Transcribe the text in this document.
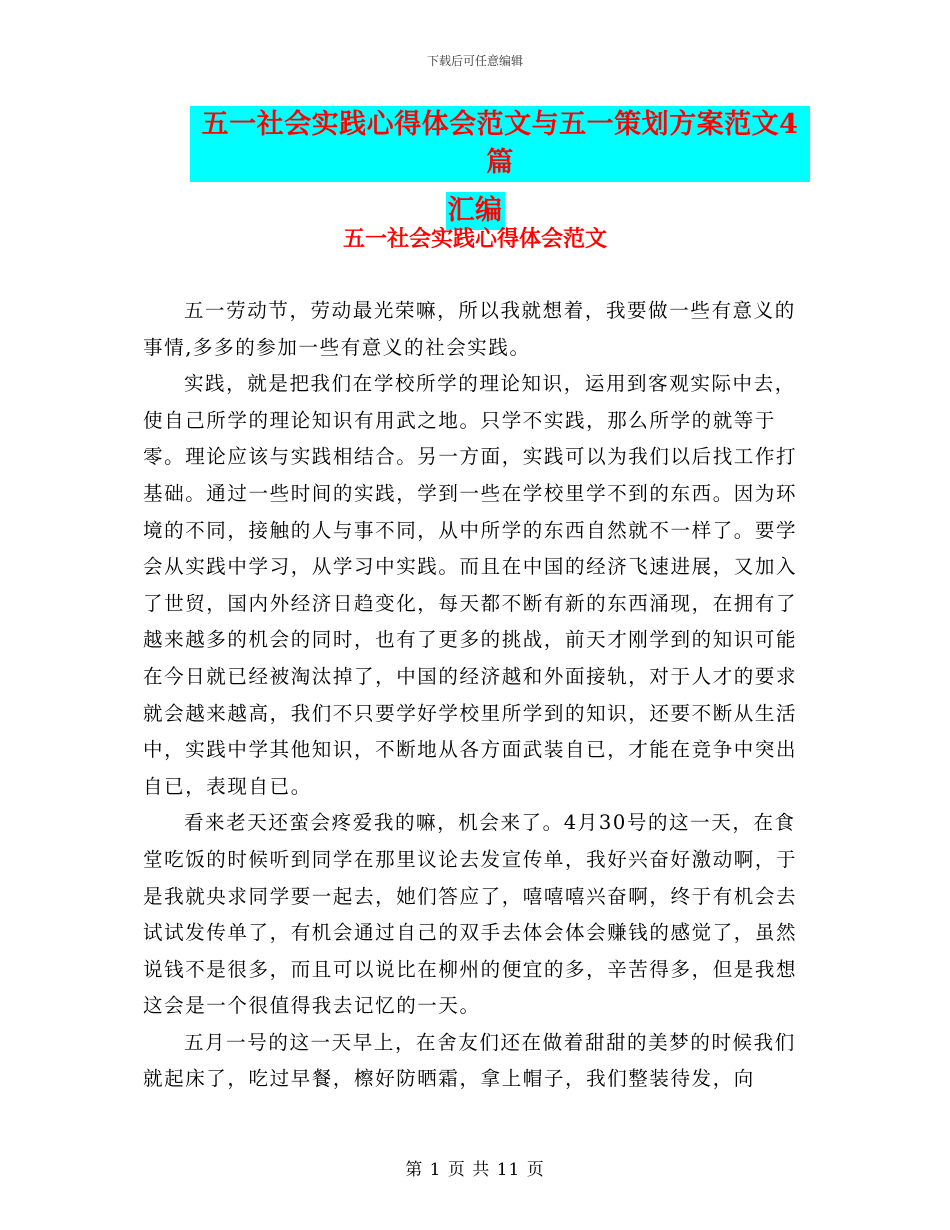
下载后可任意编辑
五一社会实践心得体会范文与五一策划方案范文4篇
汇编
五一社会实践心得体会范文

五一劳动节，劳动最光荣嘛，所以我就想着，我要做一些有意义的事情,多多的参加一些有意义的社会实践。

实践，就是把我们在学校所学的理论知识，运用到客观实际中去，使自己所学的理论知识有用武之地。只学不实践，那么所学的就等于零。理论应该与实践相结合。另一方面，实践可以为我们以后找工作打基础。通过一些时间的实践，学到一些在学校里学不到的东西。因为环境的不同，接触的人与事不同，从中所学的东西自然就不一样了。要学会从实践中学习，从学习中实践。而且在中国的经济飞速进展，又加入了世贸，国内外经济日趋变化，每天都不断有新的东西涌现，在拥有了越来越多的机会的同时，也有了更多的挑战，前天才刚学到的知识可能在今日就已经被淘汰掉了，中国的经济越和外面接轨，对于人才的要求就会越来越高，我们不只要学好学校里所学到的知识，还要不断从生活中，实践中学其他知识，不断地从各方面武装自已，才能在竞争中突出自已，表现自已。

看来老天还蛮会疼爱我的嘛，机会来了。4月30号的这一天，在食堂吃饭的时候听到同学在那里议论去发宣传单，我好兴奋好激动啊，于是我就央求同学要一起去，她们答应了，嘻嘻嘻兴奋啊，终于有机会去试试发传单了，有机会通过自己的双手去体会体会赚钱的感觉了，虽然说钱不是很多，而且可以说比在柳州的便宜的多，辛苦得多，但是我想这会是一个很值得我去记忆的一天。

五月一号的这一天早上，在舍友们还在做着甜甜的美梦的时候我们就起床了，吃过早餐，檫好防晒霜，拿上帽子，我们整装待发，向

第 1 页 共 11 页
